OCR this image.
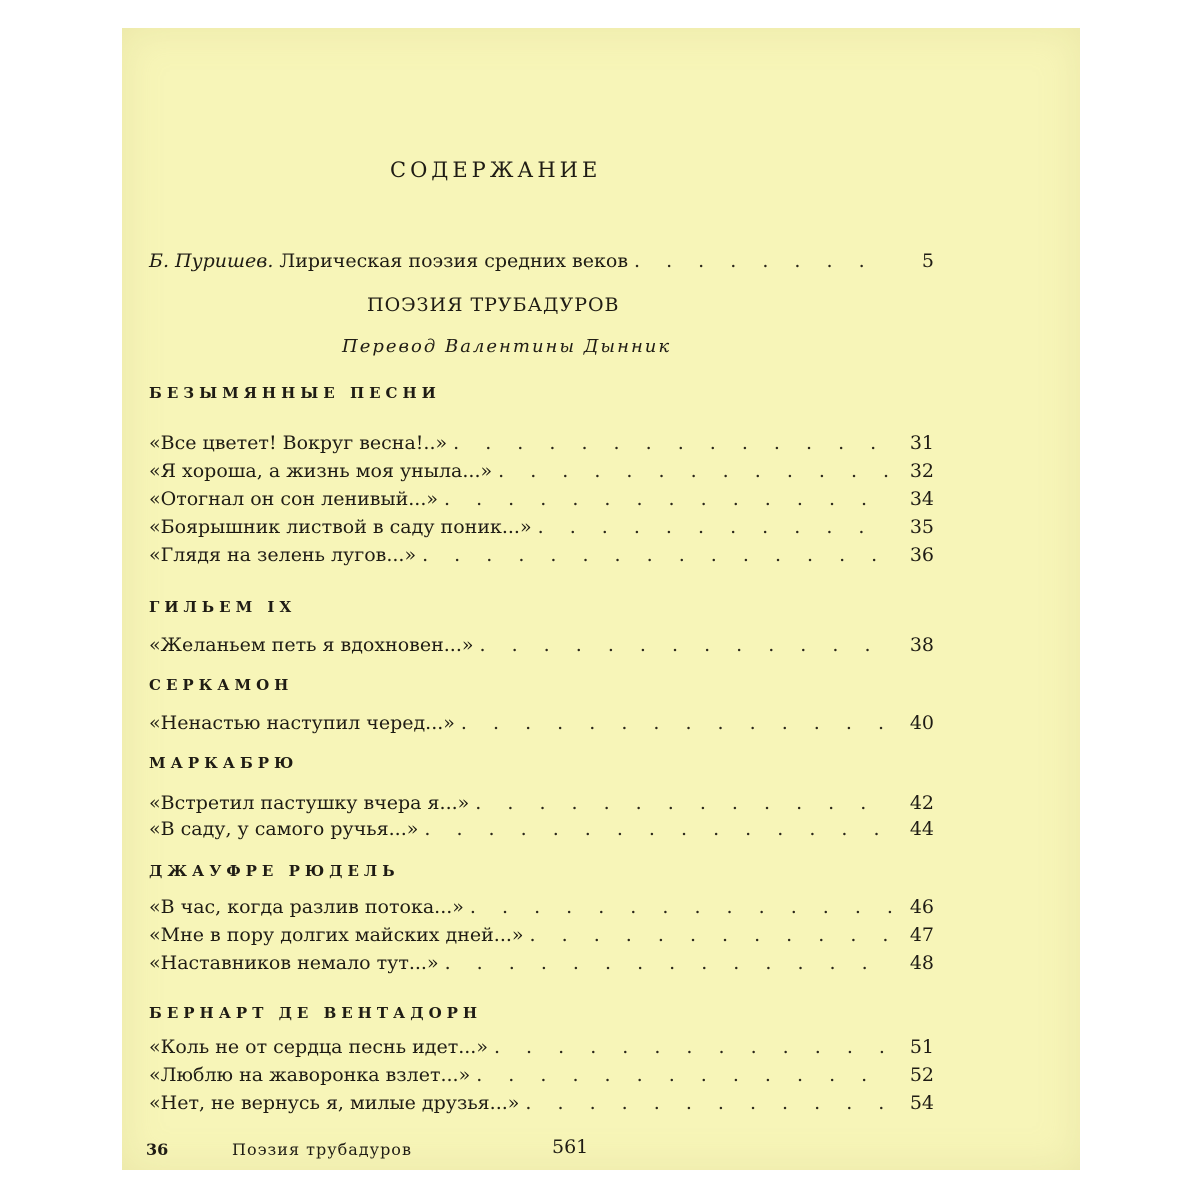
СОДЕРЖАНИЕ
Б. Пуришев. Лирическая поэзия средних веков . . .	5
ПОЭЗИЯ ТРУБАДУРОВ
Перевод Валентины Дынник
БЕЗЫМЯННЫЕ ПЕСНИ
«Все цветет! Вокруг весна!..» . . .	31
«Я хороша, а жизнь моя уныла...» . . .	32
«Отогнал он сон ленивый...» . . .	34
«Боярышник листвой в саду поник...» . . .	35
«Глядя на зелень лугов...» . . .	36
ГИЛЬЕМ IX
«Желаньем петь я вдохновен...» . . .	38
СЕРКАМОН
«Ненастью наступил черед...» . . .	40
МАРКАБРЮ
«Встретил пастушку вчера я...» . . .	42
«В саду, у самого ручья...» . . .	44
ДЖАУФРЕ РЮДЕЛЬ
«В час, когда разлив потока...» . . .	46
«Мне в пору долгих майских дней...» . . .	47
«Наставников немало тут...» . . .	48
БЕРНАРТ ДЕ ВЕНТАДОРН
«Коль не от сердца песнь идет...» . . .	51
«Люблю на жаворонка взлет...» . . .	52
«Нет, не вернусь я, милые друзья...» . . .	54
36	Поэзия трубадуров	561
